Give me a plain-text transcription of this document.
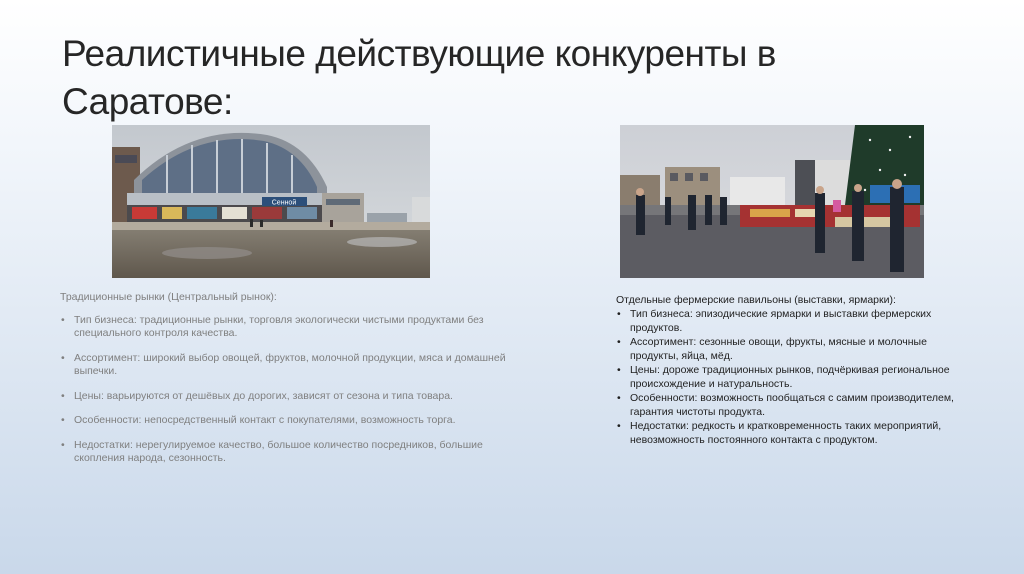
Реалистичные действующие конкуренты в Саратове:
Сенной
Традиционные рынки (Центральный рынок):
• Тип бизнеса: традиционные рынки, торговля экологически чистыми продуктами без специального контроля качества.
• Ассортимент: широкий выбор овощей, фруктов, молочной продукции, мяса и домашней выпечки.
• Цены: варьируются от дешёвых до дорогих, зависят от сезона и типа товара.
• Особенности: непосредственный контакт с покупателями, возможность торга.
• Недостатки: нерегулируемое качество, большое количество посредников, большие скопления народа, сезонность.
Отдельные фермерские павильоны (выставки, ярмарки):
• Тип бизнеса: эпизодические ярмарки и выставки фермерских продуктов.
• Ассортимент: сезонные овощи, фрукты, мясные и молочные продукты, яйца, мёд.
• Цены: дороже традиционных рынков, подчёркивая региональное происхождение и натуральность.
• Особенности: возможность пообщаться с самим производителем, гарантия чистоты продукта.
• Недостатки: редкость и кратковременность таких мероприятий, невозможность постоянного контакта с продуктом.
